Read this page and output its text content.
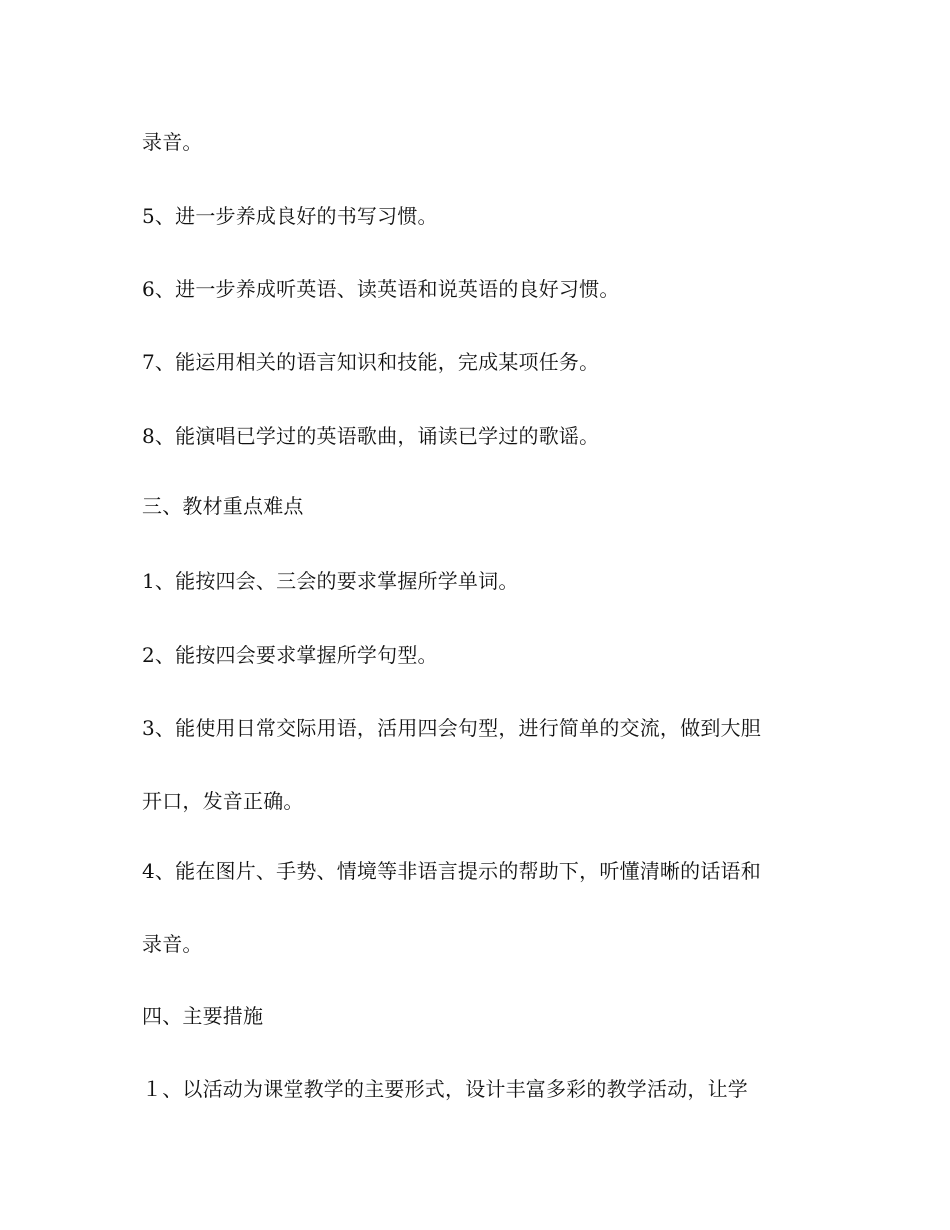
录音。
5、进一步养成良好的书写习惯。
6、进一步养成听英语、读英语和说英语的良好习惯。
7、能运用相关的语言知识和技能，完成某项任务。
8、能演唱已学过的英语歌曲，诵读已学过的歌谣。
三、教材重点难点
1、能按四会、三会的要求掌握所学单词。
2、能按四会要求掌握所学句型。
3、能使用日常交际用语，活用四会句型，进行简单的交流，做到大胆
开口，发音正确。
4、能在图片、手势、情境等非语言提示的帮助下，听懂清晰的话语和
录音。
四、主要措施
１、以活动为课堂教学的主要形式，设计丰富多彩的教学活动，让学
